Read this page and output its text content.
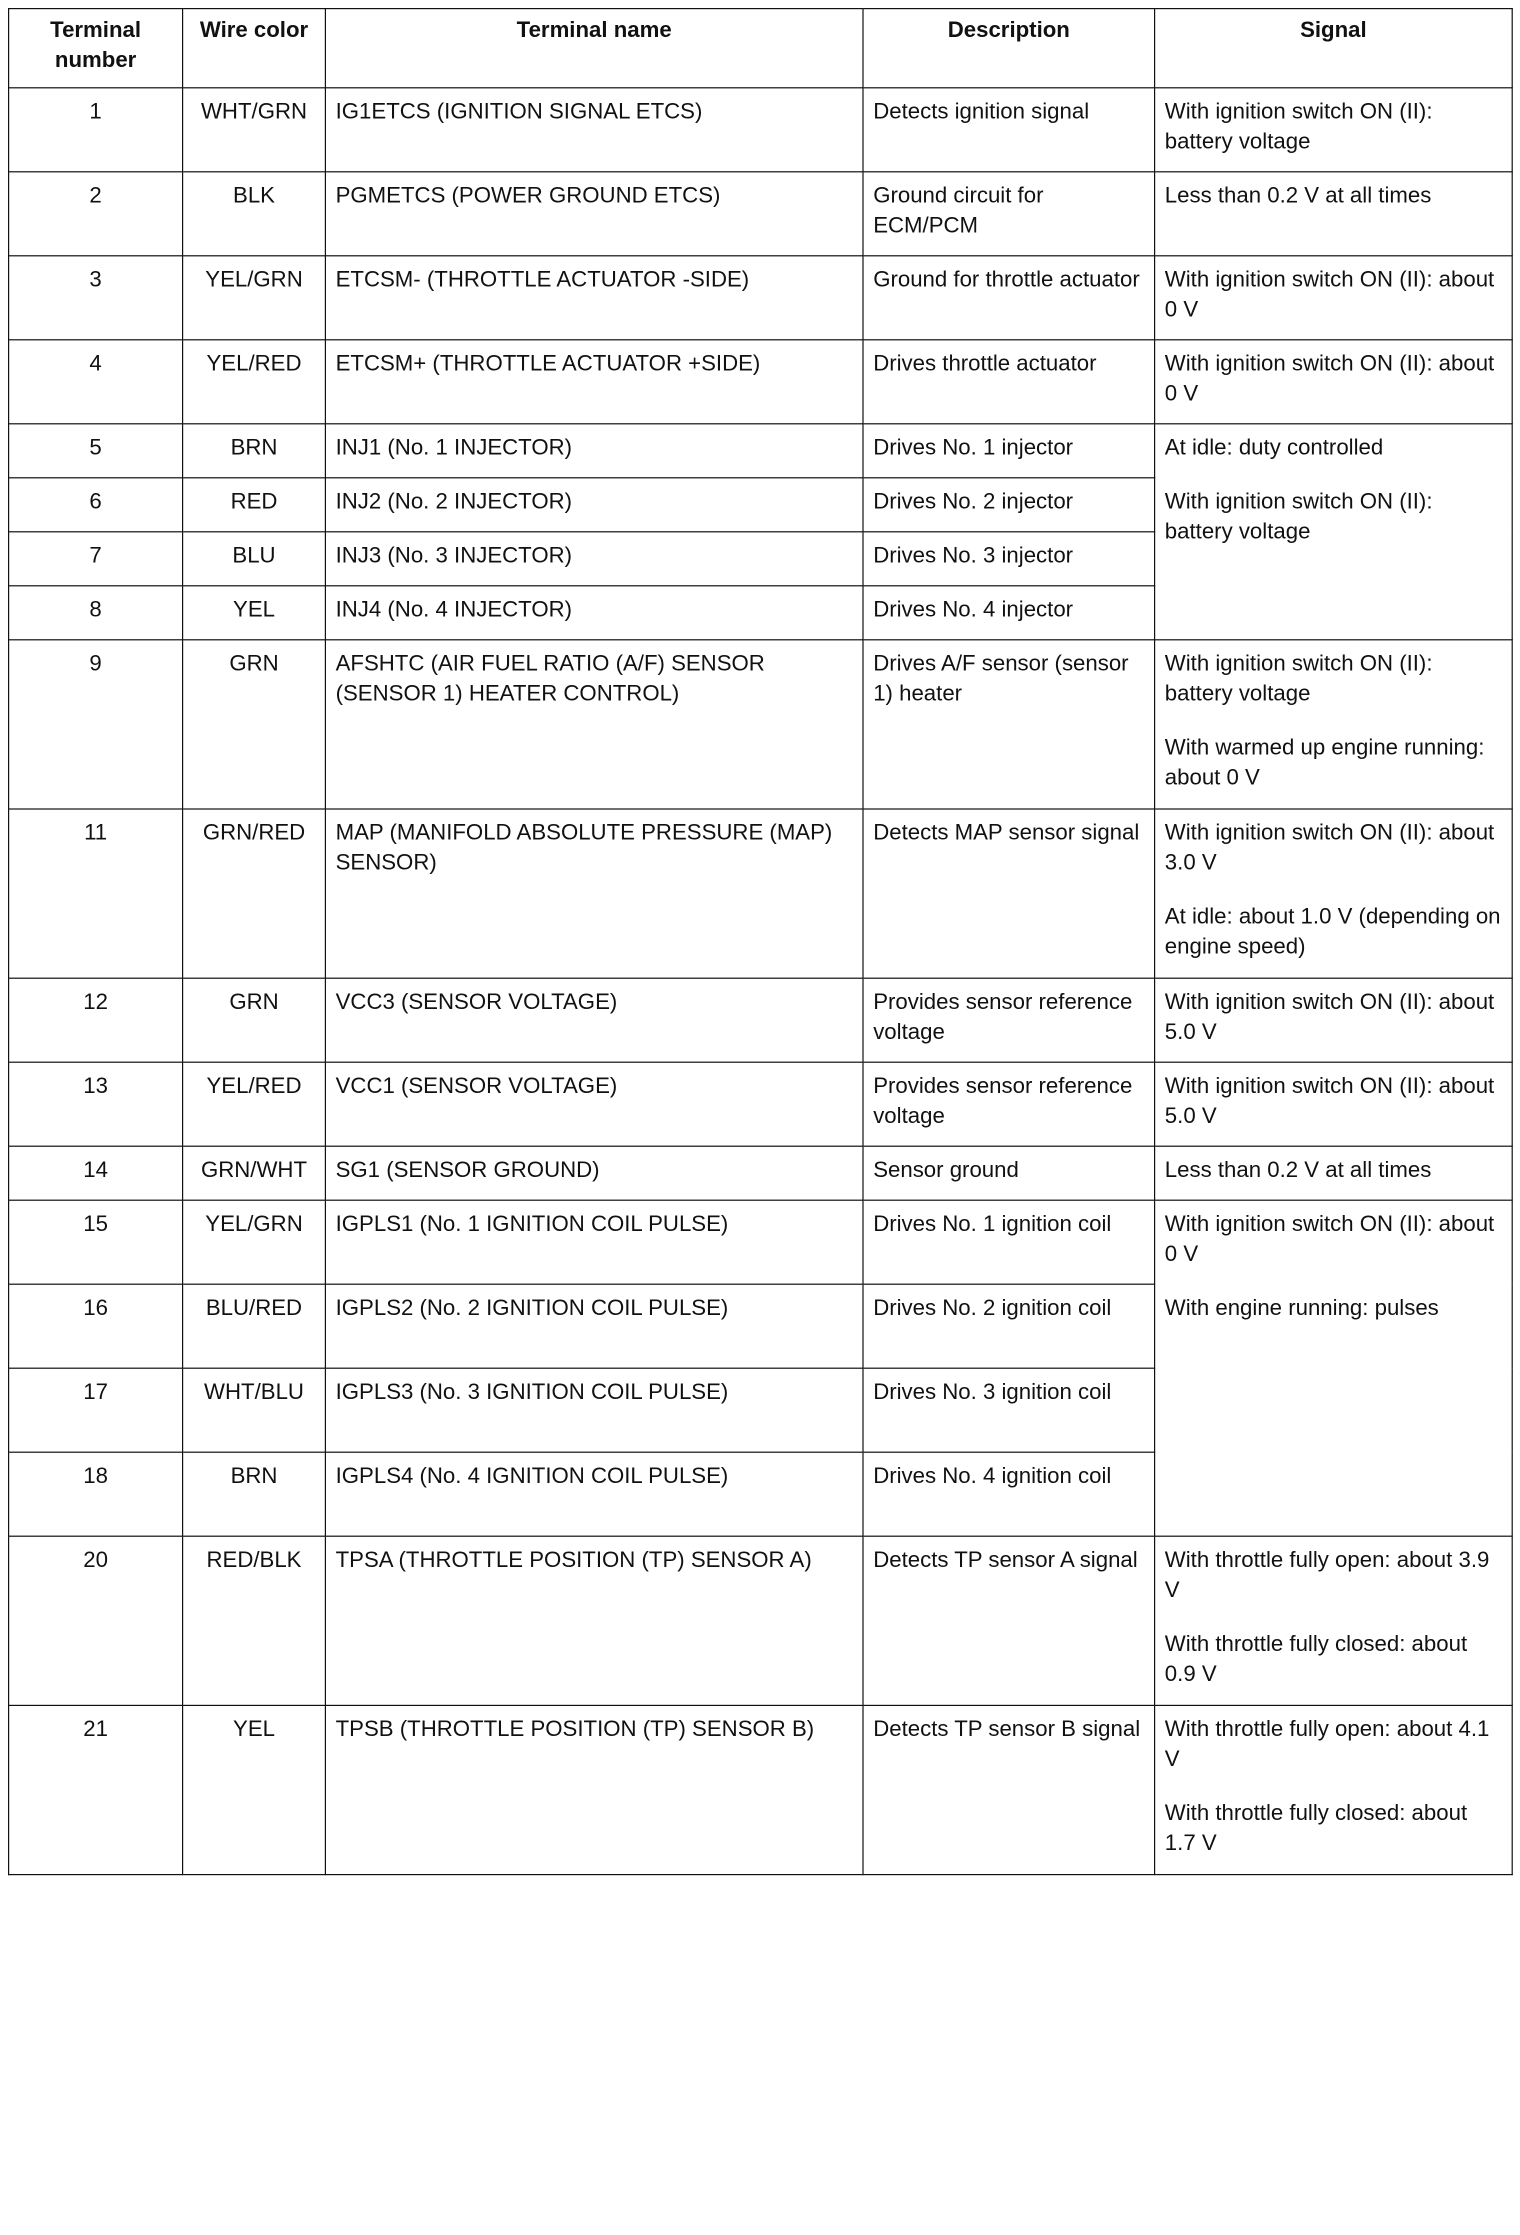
Terminal number	Wire color	Terminal name	Description	Signal
1	WHT/GRN	IG1ETCS (IGNITION SIGNAL ETCS)	Detects ignition signal	With ignition switch ON (II): battery voltage

2	BLK	PGMETCS (POWER GROUND ETCS)	Ground circuit for ECM/PCM	Less than 0.2 V at all times

3	YEL/GRN	ETCSM- (THROTTLE ACTUATOR -SIDE)	Ground for throttle actuator	With ignition switch ON (II): about 0 V

4	YEL/RED	ETCSM+ (THROTTLE ACTUATOR +SIDE)	Drives throttle actuator	With ignition switch ON (II): about 0 V

5	BRN	INJ1 (No. 1 INJECTOR)	Drives No. 1 injector	At idle: duty controlled

With ignition switch ON (II): battery voltage

6	RED	INJ2 (No. 2 INJECTOR)	Drives No. 2 injector	
7	BLU	INJ3 (No. 3 INJECTOR)	Drives No. 3 injector	
8	YEL	INJ4 (No. 4 INJECTOR)	Drives No. 4 injector	
9	GRN	AFSHTC (AIR FUEL RATIO (A/F) SENSOR (SENSOR 1) HEATER CONTROL)	Drives A/F sensor (sensor 1) heater	With ignition switch ON (II): battery voltage

With warmed up engine running: about 0 V

11	GRN/RED	MAP (MANIFOLD ABSOLUTE PRESSURE (MAP) SENSOR)	Detects MAP sensor signal	With ignition switch ON (II): about 3.0 V

At idle: about 1.0 V (depending on engine speed)

12	GRN	VCC3 (SENSOR VOLTAGE)	Provides sensor reference voltage	With ignition switch ON (II): about 5.0 V

13	YEL/RED	VCC1 (SENSOR VOLTAGE)	Provides sensor reference voltage	With ignition switch ON (II): about 5.0 V

14	GRN/WHT	SG1 (SENSOR GROUND)	Sensor ground	Less than 0.2 V at all times

15	YEL/GRN	IGPLS1 (No. 1 IGNITION COIL PULSE)	Drives No. 1 ignition coil	With ignition switch ON (II): about 0 V

With engine running: pulses

16	BLU/RED	IGPLS2 (No. 2 IGNITION COIL PULSE)	Drives No. 2 ignition coil	
17	WHT/BLU	IGPLS3 (No. 3 IGNITION COIL PULSE)	Drives No. 3 ignition coil	
18	BRN	IGPLS4 (No. 4 IGNITION COIL PULSE)	Drives No. 4 ignition coil	
20	RED/BLK	TPSA (THROTTLE POSITION (TP) SENSOR A)	Detects TP sensor A signal	With throttle fully open: about 3.9 V

With throttle fully closed: about 0.9 V

21	YEL	TPSB (THROTTLE POSITION (TP) SENSOR B)	Detects TP sensor B signal	With throttle fully open: about 4.1 V

With throttle fully closed: about 1.7 V
